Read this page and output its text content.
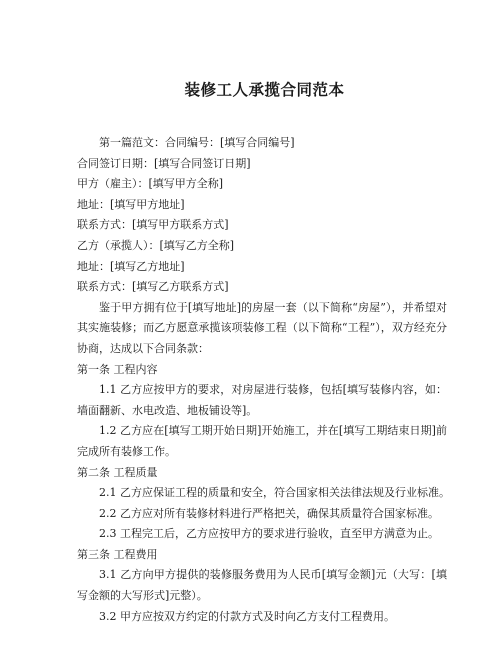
装修工人承揽合同范本
第一篇范文：合同编号：[填写合同编号]
合同签订日期：[填写合同签订日期]
甲方（雇主）：[填写甲方全称]
地址：[填写甲方地址]
联系方式：[填写甲方联系方式]
乙方（承揽人）：[填写乙方全称]
地址：[填写乙方地址]
联系方式：[填写乙方联系方式]
鉴于甲方拥有位于[填写地址]的房屋一套（以下简称“房屋”），并希望对其实施装修；而乙方愿意承揽该项装修工程（以下简称“工程”），双方经充分协商，达成以下合同条款：
第一条 工程内容
1.1 乙方应按甲方的要求，对房屋进行装修，包括[填写装修内容，如：墙面翻新、水电改造、地板铺设等]。
1.2 乙方应在[填写工期开始日期]开始施工，并在[填写工期结束日期]前完成所有装修工作。
第二条 工程质量
2.1 乙方应保证工程的质量和安全，符合国家相关法律法规及行业标准。
2.2 乙方应对所有装修材料进行严格把关，确保其质量符合国家标准。
2.3 工程完工后，乙方应按甲方的要求进行验收，直至甲方满意为止。
第三条 工程费用
3.1 乙方向甲方提供的装修服务费用为人民币[填写金额]元（大写：[填写金额的大写形式]元整）。
3.2 甲方应按双方约定的付款方式及时向乙方支付工程费用。
